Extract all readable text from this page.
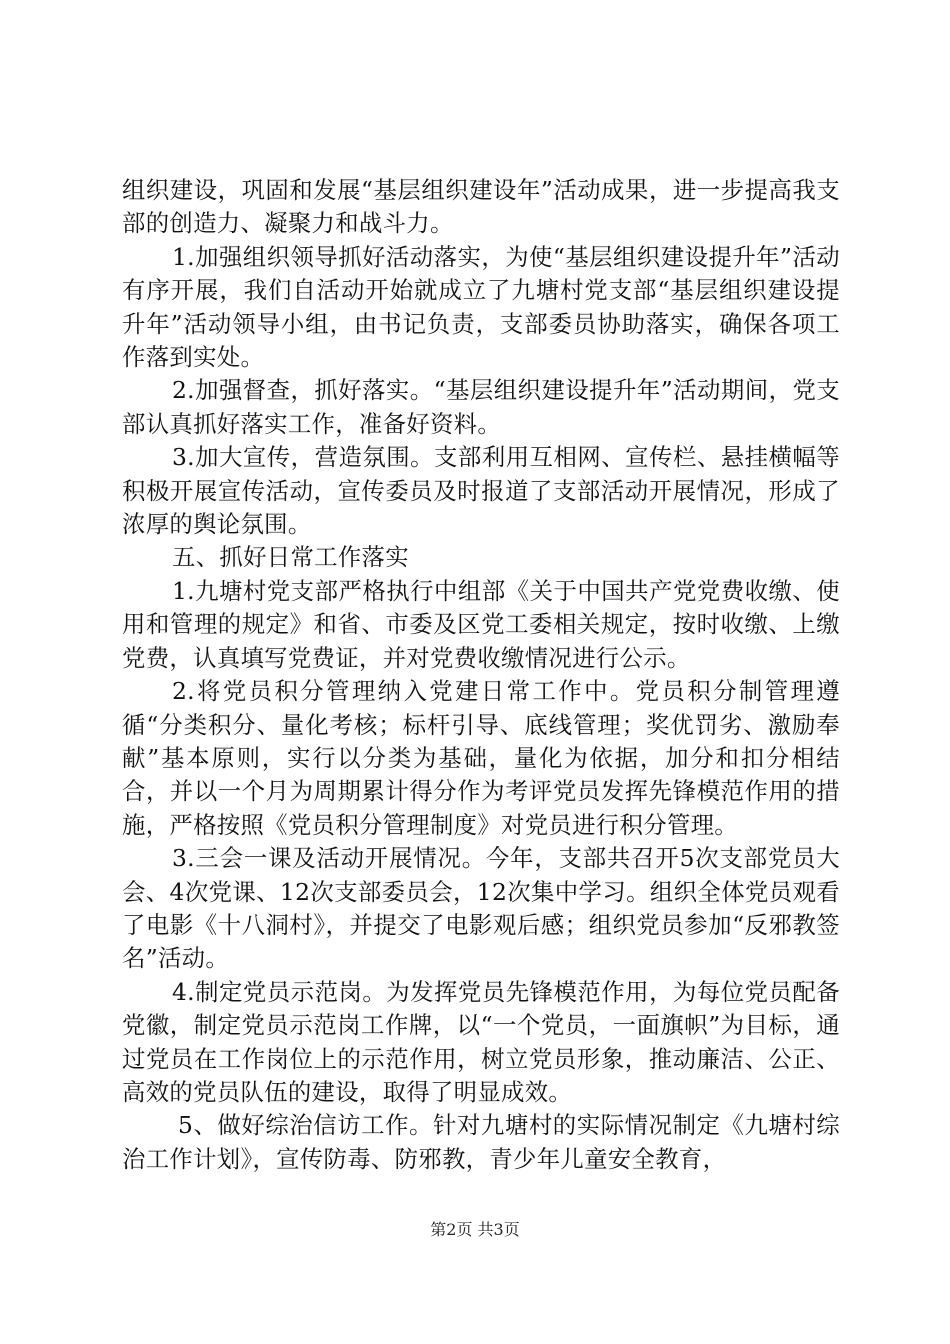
组织建设，巩固和发展“基层组织建设年”活动成果，进一步提高我支部的创造力、凝聚力和战斗力。

1.加强组织领导抓好活动落实，为使“基层组织建设提升年”活动有序开展，我们自活动开始就成立了九塘村党支部“基层组织建设提升年”活动领导小组，由书记负责，支部委员协助落实，确保各项工作落到实处。

2.加强督查，抓好落实。“基层组织建设提升年”活动期间，党支部认真抓好落实工作，准备好资料。

3.加大宣传，营造氛围。支部利用互相网、宣传栏、悬挂横幅等积极开展宣传活动，宣传委员及时报道了支部活动开展情况，形成了浓厚的舆论氛围。

五、抓好日常工作落实

1.九塘村党支部严格执行中组部《关于中国共产党党费收缴、使用和管理的规定》和省、市委及区党工委相关规定，按时收缴、上缴党费，认真填写党费证，并对党费收缴情况进行公示。

2.将党员积分管理纳入党建日常工作中。党员积分制管理遵循“分类积分、量化考核；标杆引导、底线管理；奖优罚劣、激励奉献”基本原则，实行以分类为基础，量化为依据，加分和扣分相结合，并以一个月为周期累计得分作为考评党员发挥先锋模范作用的措施，严格按照《党员积分管理制度》对党员进行积分管理。

3.三会一课及活动开展情况。今年，支部共召开5次支部党员大会、4次党课、12次支部委员会，12次集中学习。组织全体党员观看了电影《十八洞村》，并提交了电影观后感；组织党员参加“反邪教签名”活动。

4.制定党员示范岗。为发挥党员先锋模范作用，为每位党员配备党徽，制定党员示范岗工作牌，以“一个党员，一面旗帜”为目标，通过党员在工作岗位上的示范作用，树立党员形象，推动廉洁、公正、高效的党员队伍的建设，取得了明显成效。

5、做好综治信访工作。针对九塘村的实际情况制定《九塘村综治工作计划》，宣传防毒、防邪教，青少年儿童安全教育，

第2页 共3页
